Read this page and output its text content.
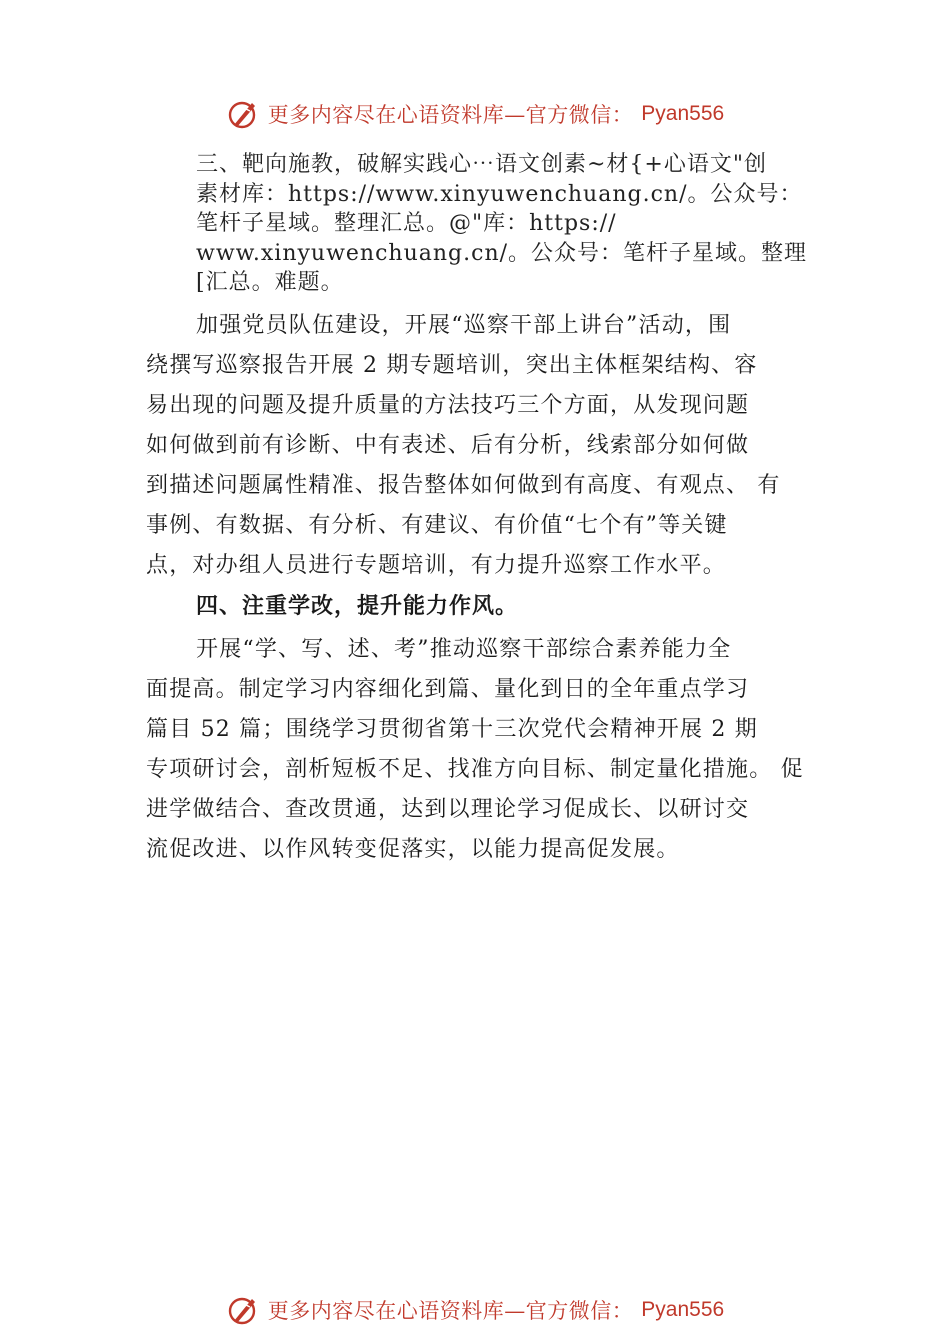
更多内容尽在心语资料库—官方微信： Pyan556
三、靶向施教，破解实践心⋯语文创素~材{+心语文"创
素材库：https://www.xinyuwenchuang.cn/。公众号：
笔杆子星域。整理汇总。@"库：https://
www.xinyuwenchuang.cn/。公众号：笔杆子星域。整理
[汇总。难题。
加强党员队伍建设，开展“巡察干部上讲台”活动，围
绕撰写巡察报告开展 2 期专题培训，突出主体框架结构、容
易出现的问题及提升质量的方法技巧三个方面，从发现问题
如何做到前有诊断、中有表述、后有分析，线索部分如何做
到描述问题属性精准、报告整体如何做到有高度、有观点、 有
事例、有数据、有分析、有建议、有价值“七个有”等关键
点，对办组人员进行专题培训，有力提升巡察工作水平。
四、注重学改，提升能力作风。
开展“学、写、述、考”推动巡察干部综合素养能力全
面提高。制定学习内容细化到篇、量化到日的全年重点学习
篇目 52 篇；围绕学习贯彻省第十三次党代会精神开展 2 期
专项研讨会，剖析短板不足、找准方向目标、制定量化措施。 促
进学做结合、查改贯通，达到以理论学习促成长、以研讨交
流促改进、以作风转变促落实，以能力提高促发展。
更多内容尽在心语资料库—官方微信： Pyan556
